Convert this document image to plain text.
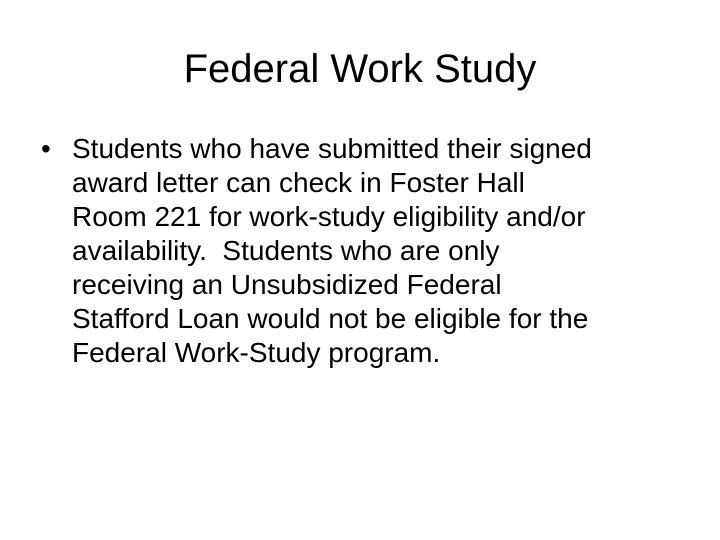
Federal Work Study
• Students who have submitted their signed
award letter can check in Foster Hall
Room 221 for work-study eligibility and/or
availability.  Students who are only
receiving an Unsubsidized Federal
Stafford Loan would not be eligible for the
Federal Work-Study program.
